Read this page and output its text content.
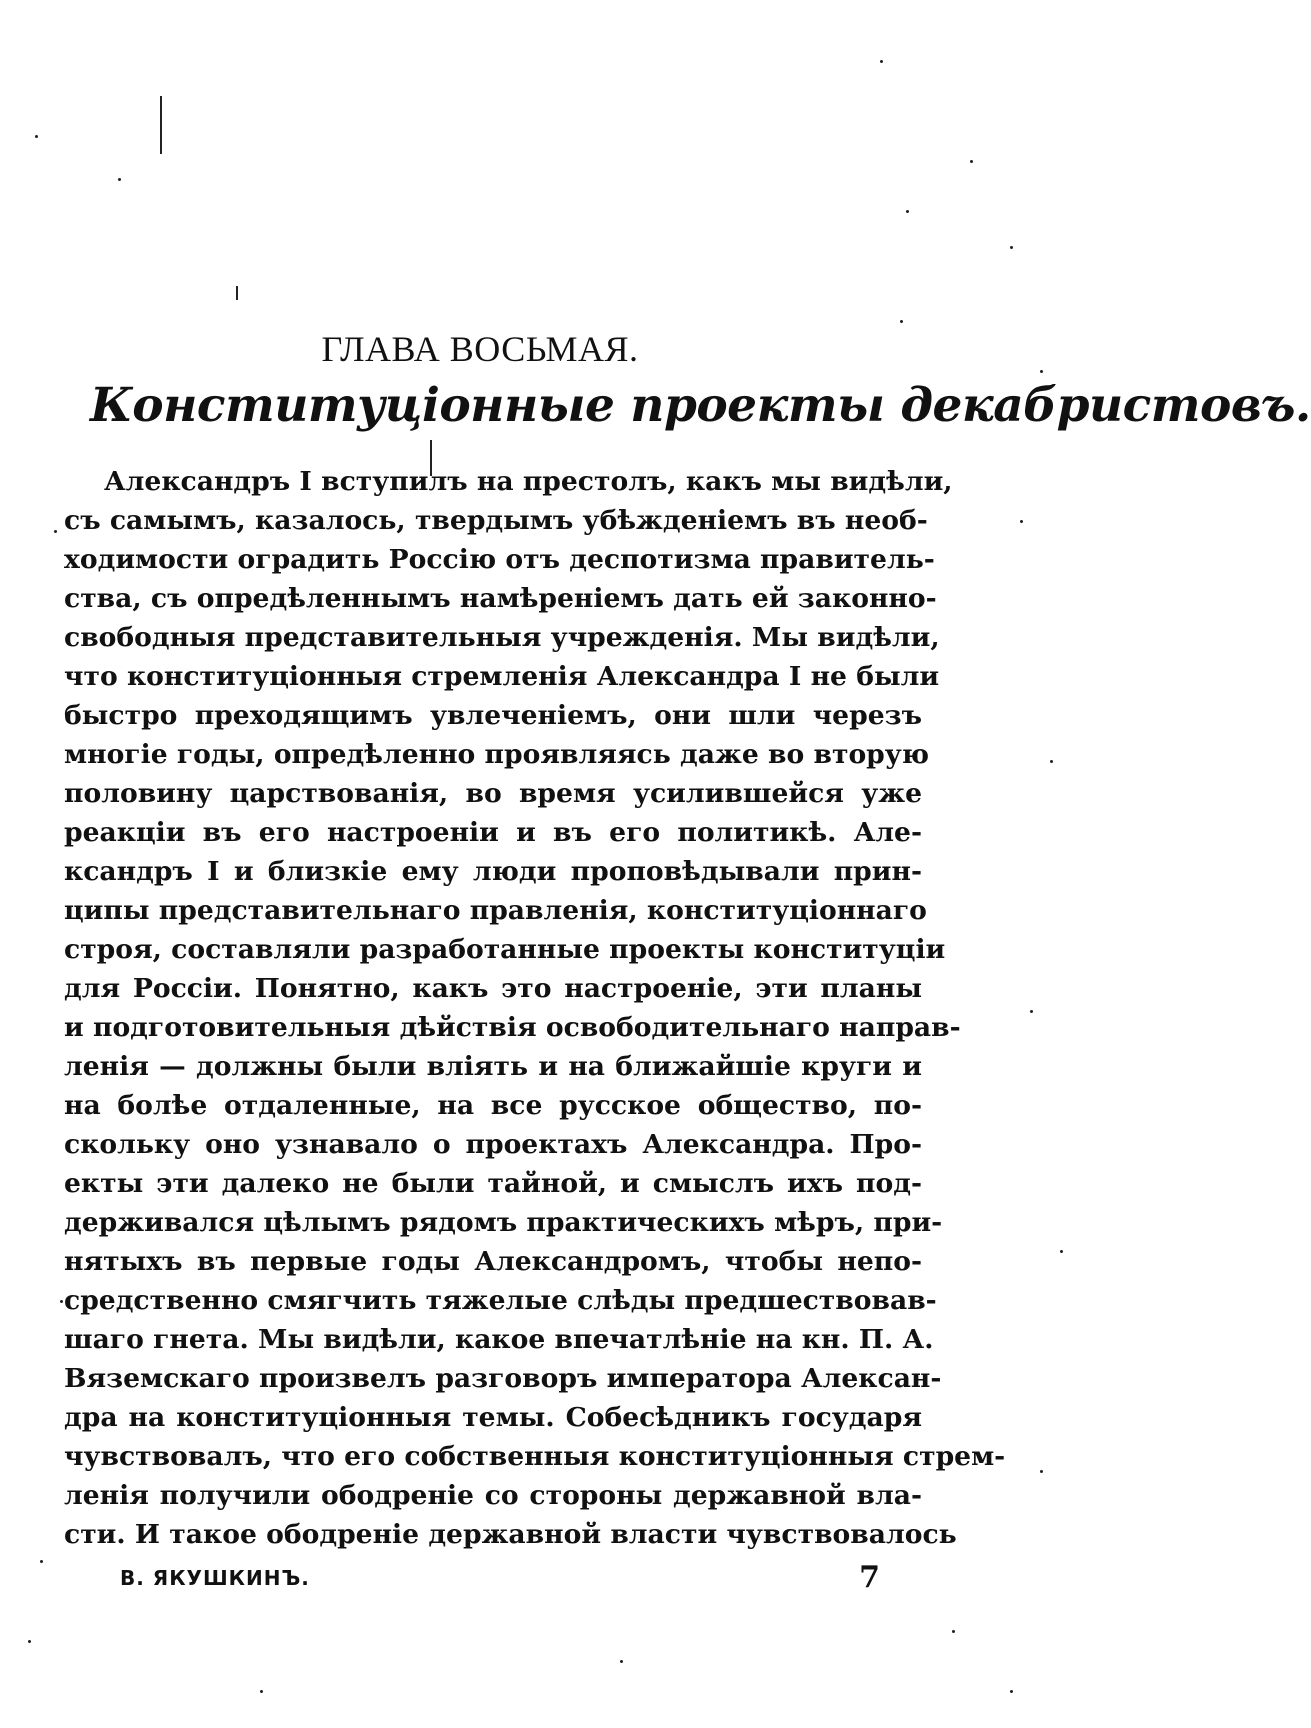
ГЛАВА ВОСЬМАЯ.
Конституцiонные проекты декабристовъ.
Александръ I вступилъ на престолъ, какъ мы видѣли,
съ самымъ, казалось, твердымъ убѣжденiемъ въ необ-
ходимости оградить Россiю отъ деспотизма правитель-
ства, съ опредѣленнымъ намѣренiемъ дать ей законно-
свободныя представительныя учрежденiя. Мы видѣли,
что конституцiонныя стремленiя Александра I не были
быстро преходящимъ увлеченiемъ, они шли черезъ
многiе годы, опредѣленно проявляясь даже во вторую
половину царствованiя, во время усилившейся уже
реакцiи въ его настроенiи и въ его политикѣ. Але-
ксандръ I и близкiе ему люди проповѣдывали прин-
ципы представительнаго правленiя, конституцiоннаго
строя, составляли разработанные проекты конституцiи
для Россiи. Понятно, какъ это настроенiе, эти планы
и подготовительныя дѣйствiя освободительнаго направ-
ленiя — должны были влiять и на ближайшiе круги и
на болѣе отдаленные, на все русское общество, по-
скольку оно узнавало о проектахъ Александра. Про-
екты эти далеко не были тайной, и смыслъ ихъ под-
держивался цѣлымъ рядомъ практическихъ мѣръ, при-
нятыхъ въ первые годы Александромъ, чтобы непо-
средственно смягчить тяжелые слѣды предшествовав-
шаго гнета. Мы видѣли, какое впечатлѣнiе на кн. П. А.
Вяземскаго произвелъ разговоръ императора Алексан-
дра на конституцiонныя темы. Собесѣдникъ государя
чувствовалъ, что его собственныя конституцiонныя стрем-
ленiя получили ободренiе со стороны державной вла-
сти. И такое ободренiе державной власти чувствовалось
В. ЯКУШКИНЪ.	7
